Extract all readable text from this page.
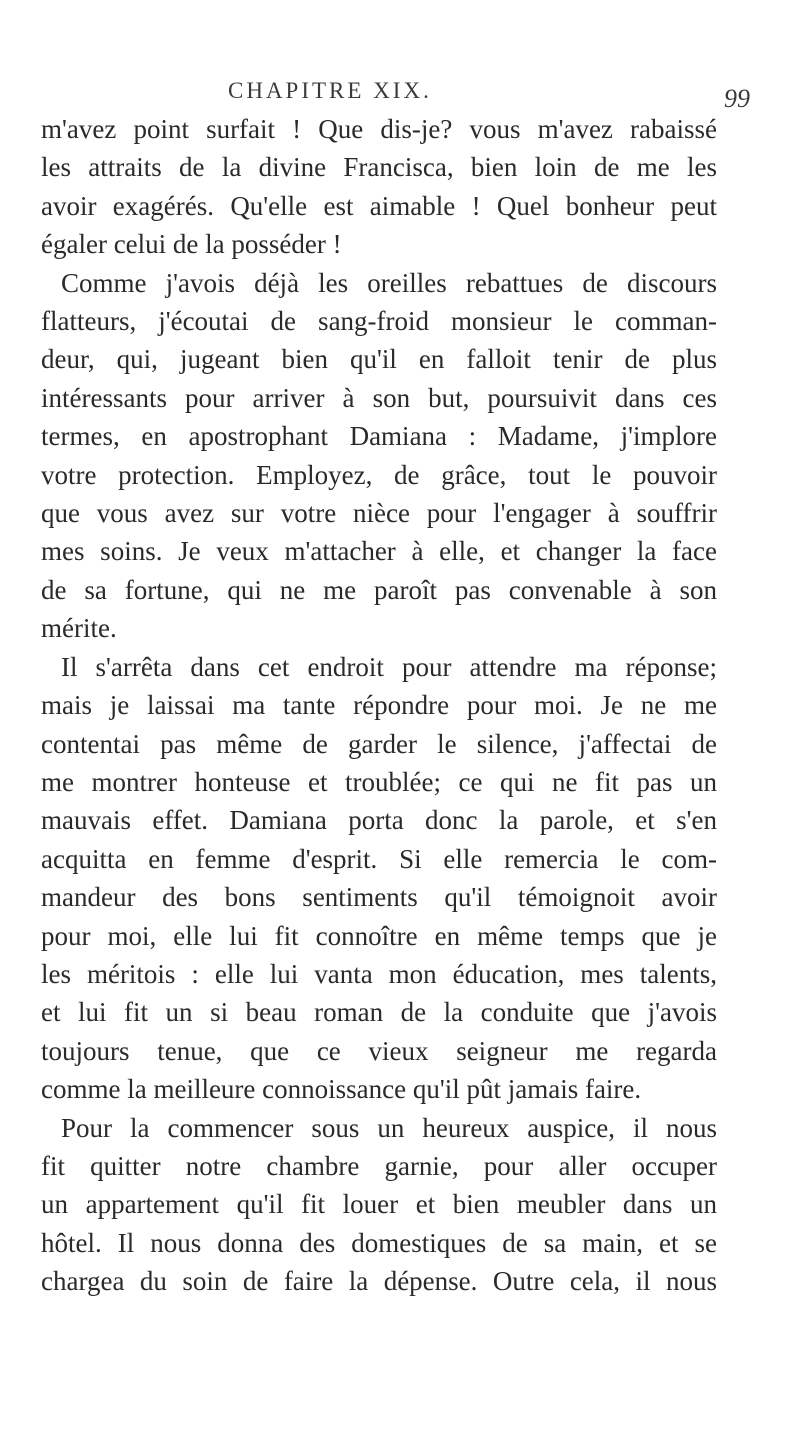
CHAPITRE XIX.	99
m'avez point surfait ! Que dis-je? vous m'avez rabaissé
les attraits de la divine Francisca, bien loin de me les
avoir exagérés. Qu'elle est aimable ! Quel bonheur peut
égaler celui de la posséder !
Comme j'avois déjà les oreilles rebattues de discours
flatteurs, j'écoutai de sang-froid monsieur le comman-
deur, qui, jugeant bien qu'il en falloit tenir de plus
intéressants pour arriver à son but, poursuivit dans ces
termes, en apostrophant Damiana : Madame, j'implore
votre protection. Employez, de grâce, tout le pouvoir
que vous avez sur votre nièce pour l'engager à souffrir
mes soins. Je veux m'attacher à elle, et changer la face
de sa fortune, qui ne me paroît pas convenable à son
mérite.
Il s'arrêta dans cet endroit pour attendre ma réponse;
mais je laissai ma tante répondre pour moi. Je ne me
contentai pas même de garder le silence, j'affectai de
me montrer honteuse et troublée; ce qui ne fit pas un
mauvais effet. Damiana porta donc la parole, et s'en
acquitta en femme d'esprit. Si elle remercia le com-
mandeur des bons sentiments qu'il témoignoit avoir
pour moi, elle lui fit connoître en même temps que je
les méritois : elle lui vanta mon éducation, mes talents,
et lui fit un si beau roman de la conduite que j'avois
toujours tenue, que ce vieux seigneur me regarda
comme la meilleure connoissance qu'il pût jamais faire.
Pour la commencer sous un heureux auspice, il nous
fit quitter notre chambre garnie, pour aller occuper
un appartement qu'il fit louer et bien meubler dans un
hôtel. Il nous donna des domestiques de sa main, et se
chargea du soin de faire la dépense. Outre cela, il nous
